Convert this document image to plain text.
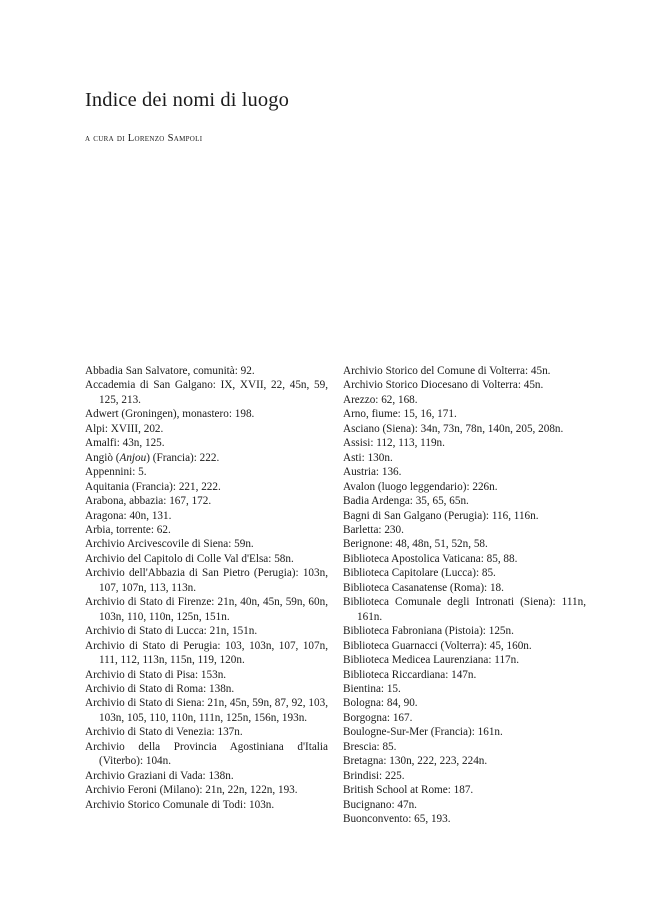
Indice dei nomi di luogo
a cura di Lorenzo Sampoli
Abbadia San Salvatore, comunità: 92.
Accademia di San Galgano: IX, XVII, 22, 45n, 59, 125, 213.
Adwert (Groningen), monastero: 198.
Alpi: XVIII, 202.
Amalfi: 43n, 125.
Angiò (Anjou) (Francia): 222.
Appennini: 5.
Aquitania (Francia): 221, 222.
Arabona, abbazia: 167, 172.
Aragona: 40n, 131.
Arbia, torrente: 62.
Archivio Arcivescovile di Siena: 59n.
Archivio del Capitolo di Colle Val d'Elsa: 58n.
Archivio dell'Abbazia di San Pietro (Perugia): 103n, 107, 107n, 113, 113n.
Archivio di Stato di Firenze: 21n, 40n, 45n, 59n, 60n, 103n, 110, 110n, 125n, 151n.
Archivio di Stato di Lucca: 21n, 151n.
Archivio di Stato di Perugia: 103, 103n, 107, 107n, 111, 112, 113n, 115n, 119, 120n.
Archivio di Stato di Pisa: 153n.
Archivio di Stato di Roma: 138n.
Archivio di Stato di Siena: 21n, 45n, 59n, 87, 92, 103, 103n, 105, 110, 110n, 111n, 125n, 156n, 193n.
Archivio di Stato di Venezia: 137n.
Archivio della Provincia Agostiniana d'Italia (Viterbo): 104n.
Archivio Graziani di Vada: 138n.
Archivio Feroni (Milano): 21n, 22n, 122n, 193.
Archivio Storico Comunale di Todi: 103n.
Archivio Storico del Comune di Volterra: 45n.
Archivio Storico Diocesano di Volterra: 45n.
Arezzo: 62, 168.
Arno, fiume: 15, 16, 171.
Asciano (Siena): 34n, 73n, 78n, 140n, 205, 208n.
Assisi: 112, 113, 119n.
Asti: 130n.
Austria: 136.
Avalon (luogo leggendario): 226n.
Badia Ardenga: 35, 65, 65n.
Bagni di San Galgano (Perugia): 116, 116n.
Barletta: 230.
Berignone: 48, 48n, 51, 52n, 58.
Biblioteca Apostolica Vaticana: 85, 88.
Biblioteca Capitolare (Lucca): 85.
Biblioteca Casanatense (Roma): 18.
Biblioteca Comunale degli Intronati (Siena): 111n, 161n.
Biblioteca Fabroniana (Pistoia): 125n.
Biblioteca Guarnacci (Volterra): 45, 160n.
Biblioteca Medicea Laurenziana: 117n.
Biblioteca Riccardiana: 147n.
Bientina: 15.
Bologna: 84, 90.
Borgogna: 167.
Boulogne-Sur-Mer (Francia): 161n.
Brescia: 85.
Bretagna: 130n, 222, 223, 224n.
Brindisi: 225.
British School at Rome: 187.
Bucignano: 47n.
Buonconvento: 65, 193.
